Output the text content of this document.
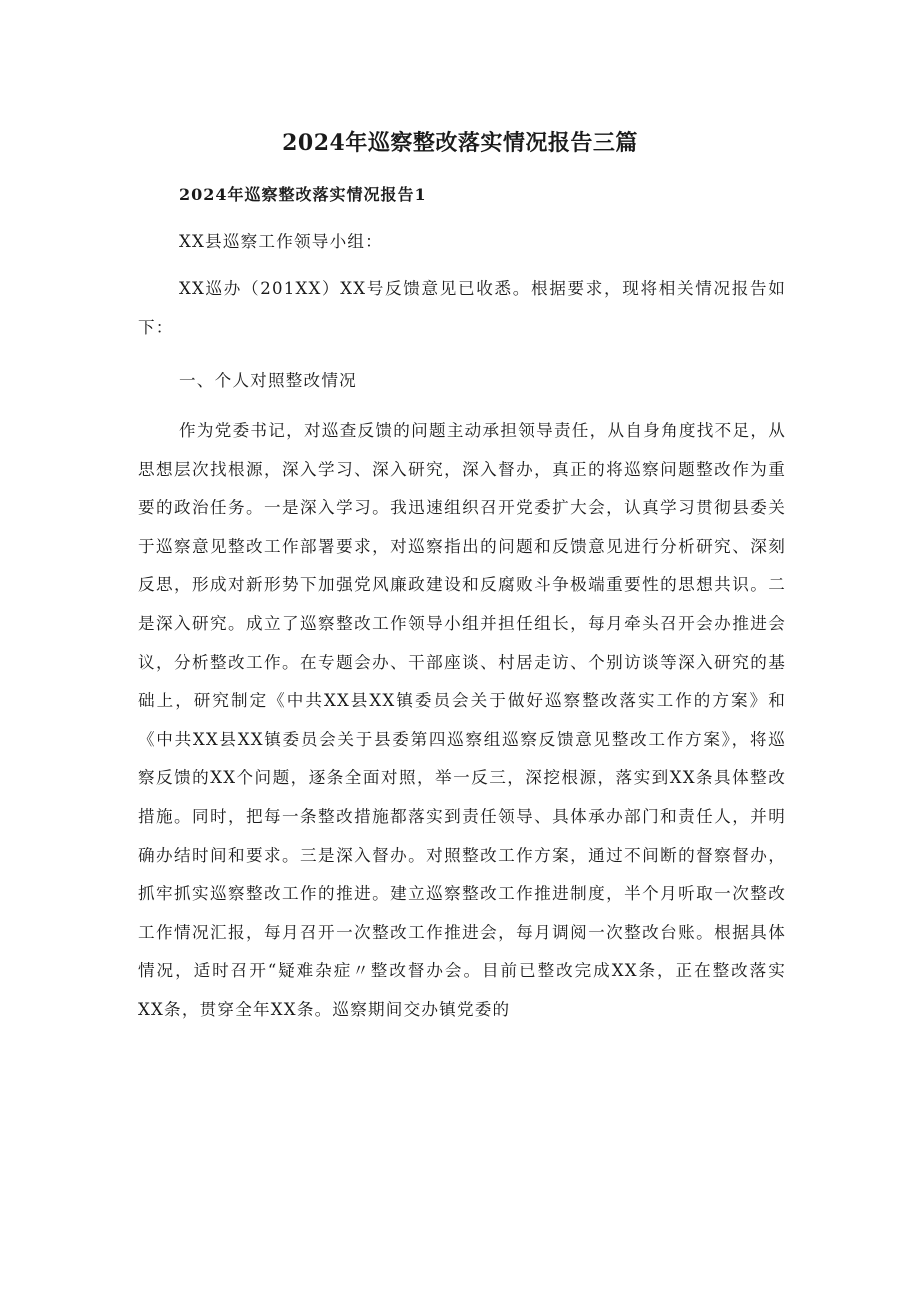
2024年巡察整改落实情况报告三篇

2024年巡察整改落实情况报告1

XX县巡察工作领导小组：

XX巡办（201XX）XX号反馈意见已收悉。根据要求，现将相关情况报告如下：

一、个人对照整改情况

作为党委书记，对巡查反馈的问题主动承担领导责任，从自身角度找不足，从思想层次找根源，深入学习、深入研究，深入督办，真正的将巡察问题整改作为重要的政治任务。一是深入学习。我迅速组织召开党委扩大会，认真学习贯彻县委关于巡察意见整改工作部署要求，对巡察指出的问题和反馈意见进行分析研究、深刻反思，形成对新形势下加强党风廉政建设和反腐败斗争极端重要性的思想共识。二是深入研究。成立了巡察整改工作领导小组并担任组长，每月牵头召开会办推进会议，分析整改工作。在专题会办、干部座谈、村居走访、个别访谈等深入研究的基础上，研究制定《中共XX县XX镇委员会关于做好巡察整改落实工作的方案》和《中共XX县XX镇委员会关于县委第四巡察组巡察反馈意见整改工作方案》，将巡察反馈的XX个问题，逐条全面对照，举一反三，深挖根源，落实到XX条具体整改措施。同时，把每一条整改措施都落实到责任领导、具体承办部门和责任人，并明确办结时间和要求。三是深入督办。对照整改工作方案，通过不间断的督察督办，抓牢抓实巡察整改工作的推进。建立巡察整改工作推进制度，半个月听取一次整改工作情况汇报，每月召开一次整改工作推进会，每月调阅一次整改台账。根据具体情况，适时召开“疑难杂症〃整改督办会。目前已整改完成XX条，正在整改落实XX条，贯穿全年XX条。巡察期间交办镇党委的
